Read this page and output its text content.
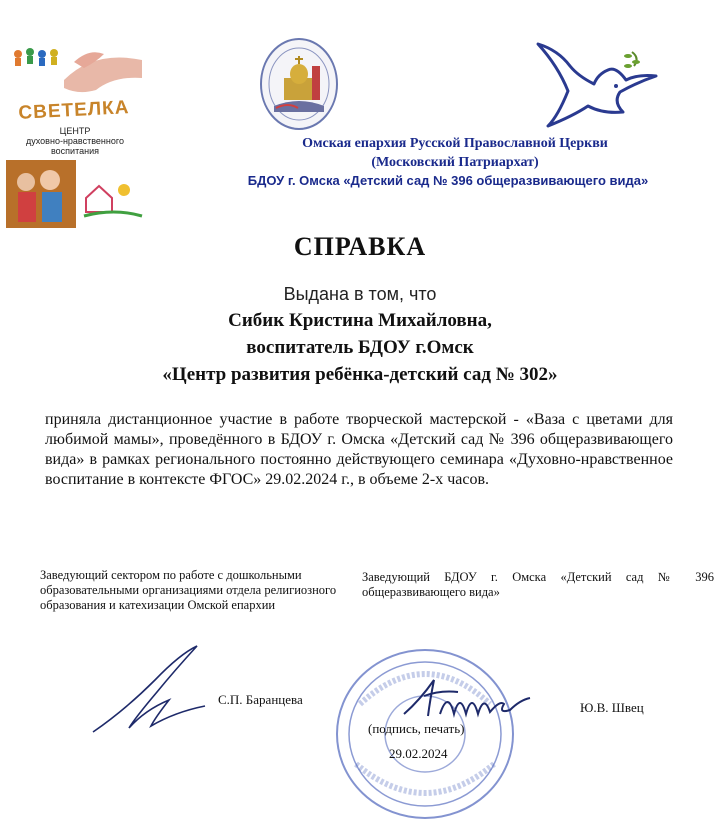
СВЕТЕЛКА
ЦЕНТР
духовно-нравственного
воспитания	Омская епархия Русской Православной Церкви
(Московский Патриархат)
БДОУ г. Омска «Детский сад № 396 общеразвивающего вида»
СПРАВКА
Выдана в том, что
Сибик Кристина Михайловна,
воспитатель БДОУ г.Омск
«Центр развития ребёнка-детский сад № 302»
приняла дистанционное участие в работе творческой мастерской - «Ваза с цветами для любимой мамы», проведённого в БДОУ г. Омска «Детский сад № 396 общеразвивающего вида» в рамках регионального постоянно действующего семинара «Духовно-нравственное воспитание в контексте ФГОС» 29.02.2024 г., в объеме 2-х часов.
Заведующий сектором по работе с дошкольными образовательными организациями отдела религиозного образования и катехизации Омской епархии
Заведующий БДОУ г. Омска «Детский сад № 396 общеразвивающего вида»
С.П. Баранцева
Ю.В. Швец
(подпись, печать)
29.02.2024
